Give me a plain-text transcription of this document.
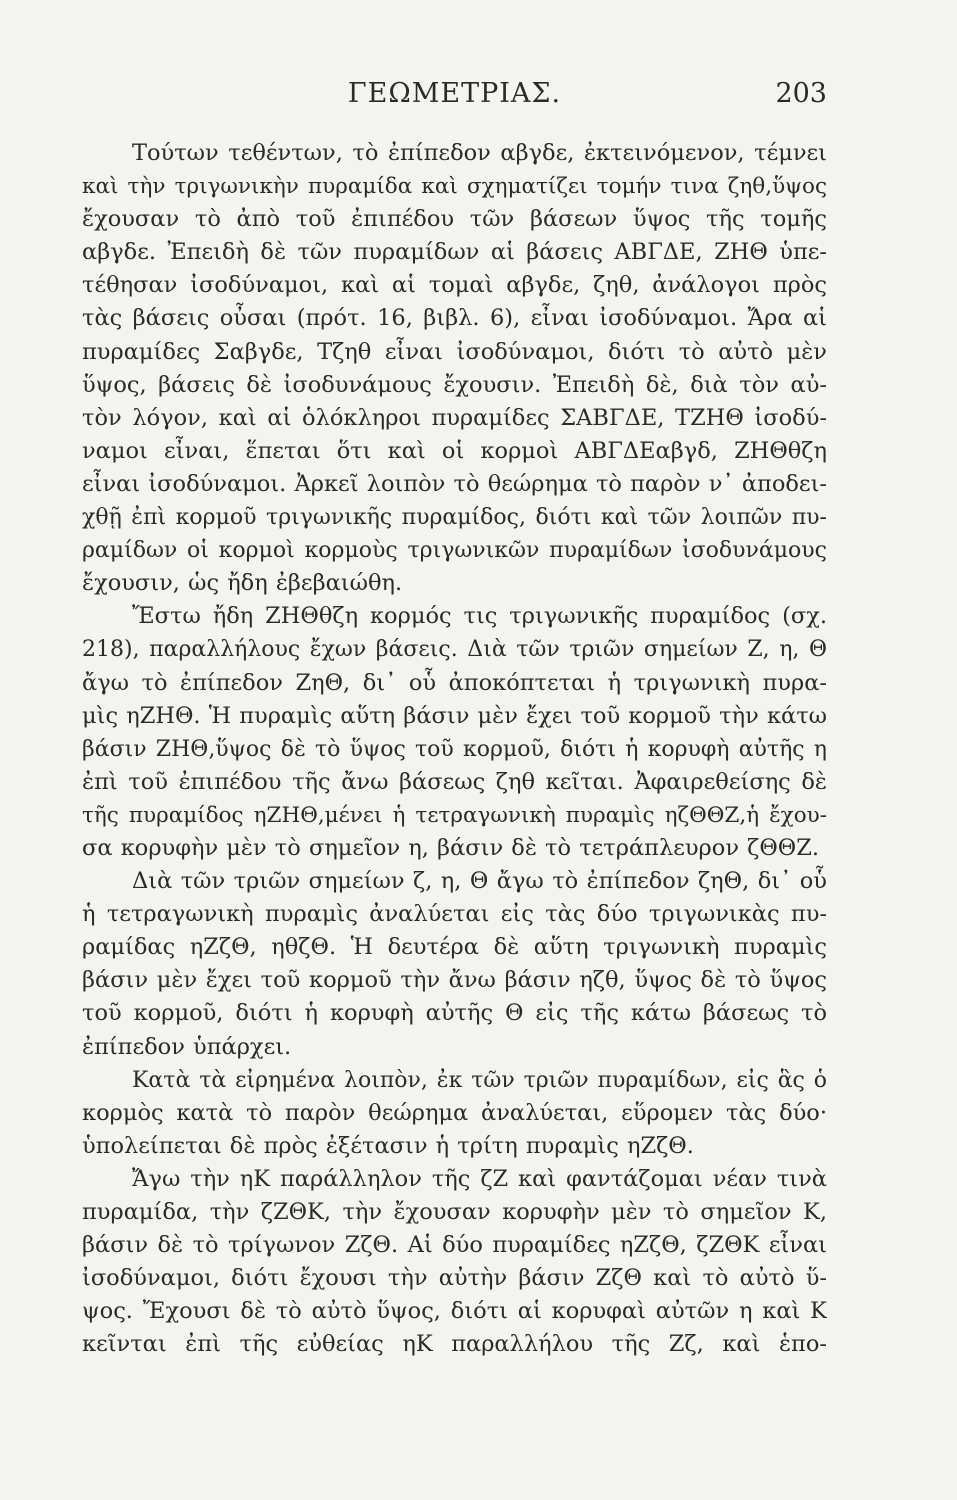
ΓΕΩΜΕΤΡΙΑΣ.	203
Τούτων τεθέντων, τὸ ἐπίπεδον αβγδε, ἐκτεινόμενον, τέμνει
καὶ τὴν τριγωνικὴν πυραμίδα καὶ σχηματίζει τομήν τινα ζηθ,ὕψος
ἔχουσαν τὸ ἀπὸ τοῦ ἐπιπέδου τῶν βάσεων ὕψος τῆς τομῆς
αβγδε. Ἐπειδὴ δὲ τῶν πυραμίδων αἱ βάσεις ΑΒΓΔΕ, ΖΗΘ ὑπε-
τέθησαν ἰσοδύναμοι, καὶ αἱ τομαὶ αβγδε, ζηθ, ἀνάλογοι πρὸς
τὰς βάσεις οὖσαι (πρότ. 16, βιβλ. 6), εἶναι ἰσοδύναμοι. Ἄρα αἱ
πυραμίδες Σαβγδε, Τζηθ εἶναι ἰσοδύναμοι, διότι τὸ αὐτὸ μὲν
ὕψος, βάσεις δὲ ἰσοδυνάμους ἔχουσιν. Ἐπειδὴ δὲ, διὰ τὸν αὐ-
τὸν λόγον, καὶ αἱ ὁλόκληροι πυραμίδες ΣΑΒΓΔΕ, ΤΖΗΘ ἰσοδύ-
ναμοι εἶναι, ἕπεται ὅτι καὶ οἱ κορμοὶ ΑΒΓΔΕαβγδ, ΖΗΘθζη
εἶναι ἰσοδύναμοι. Ἀρκεῖ λοιπὸν τὸ θεώρημα τὸ παρὸν ν᾽ ἀποδει-
χθῇ ἐπὶ κορμοῦ τριγωνικῆς πυραμίδος, διότι καὶ τῶν λοιπῶν πυ-
ραμίδων οἱ κορμοὶ κορμοὺς τριγωνικῶν πυραμίδων ἰσοδυνάμους
ἔχουσιν, ὡς ἤδη ἐβεβαιώθη.
Ἔστω ἤδη ΖΗΘθζη κορμός τις τριγωνικῆς πυραμίδος (σχ.
218), παραλλήλους ἔχων βάσεις. Διὰ τῶν τριῶν σημείων Ζ, η, Θ
ἄγω τὸ ἐπίπεδον ΖηΘ, δι᾽ οὗ ἀποκόπτεται ἡ τριγωνικὴ πυρα-
μὶς ηΖΗΘ. Ἡ πυραμὶς αὕτη βάσιν μὲν ἔχει τοῦ κορμοῦ τὴν κάτω
βάσιν ΖΗΘ,ὕψος δὲ τὸ ὕψος τοῦ κορμοῦ, διότι ἡ κορυφὴ αὐτῆς η
ἐπὶ τοῦ ἐπιπέδου τῆς ἄνω βάσεως ζηθ κεῖται. Ἀφαιρεθείσης δὲ
τῆς πυραμίδος ηΖΗΘ,μένει ἡ τετραγωνικὴ πυραμὶς ηζΘΘΖ,ἡ ἔχου-
σα κορυφὴν μὲν τὸ σημεῖον η, βάσιν δὲ τὸ τετράπλευρον ζΘΘΖ.
Διὰ τῶν τριῶν σημείων ζ, η, Θ ἄγω τὸ ἐπίπεδον ζηΘ, δι᾽ οὗ
ἡ τετραγωνικὴ πυραμὶς ἀναλύεται εἰς τὰς δύο τριγωνικὰς πυ-
ραμίδας ηΖζΘ, ηθζΘ. Ἡ δευτέρα δὲ αὕτη τριγωνικὴ πυραμὶς
βάσιν μὲν ἔχει τοῦ κορμοῦ τὴν ἄνω βάσιν ηζθ, ὕψος δὲ τὸ ὕψος
τοῦ κορμοῦ, διότι ἡ κορυφὴ αὐτῆς Θ εἰς τῆς κάτω βάσεως τὸ
ἐπίπεδον ὑπάρχει.
Κατὰ τὰ εἰρημένα λοιπὸν, ἐκ τῶν τριῶν πυραμίδων, εἰς ἃς ὁ
κορμὸς κατὰ τὸ παρὸν θεώρημα ἀναλύεται, εὕρομεν τὰς δύο·
ὑπολείπεται δὲ πρὸς ἐξέτασιν ἡ τρίτη πυραμὶς ηΖζΘ.
Ἄγω τὴν ηΚ παράλληλον τῆς ζΖ καὶ φαντάζομαι νέαν τινὰ
πυραμίδα, τὴν ζΖΘΚ, τὴν ἔχουσαν κορυφὴν μὲν τὸ σημεῖον Κ,
βάσιν δὲ τὸ τρίγωνον ΖζΘ. Αἱ δύο πυραμίδες ηΖζΘ, ζΖΘΚ εἶναι
ἰσοδύναμοι, διότι ἔχουσι τὴν αὐτὴν βάσιν ΖζΘ καὶ τὸ αὐτὸ ὕ-
ψος. Ἔχουσι δὲ τὸ αὐτὸ ὕψος, διότι αἱ κορυφαὶ αὐτῶν η καὶ Κ
κεῖνται ἐπὶ τῆς εὐθείας ηΚ παραλλήλου τῆς Ζζ, καὶ ἑπο-
